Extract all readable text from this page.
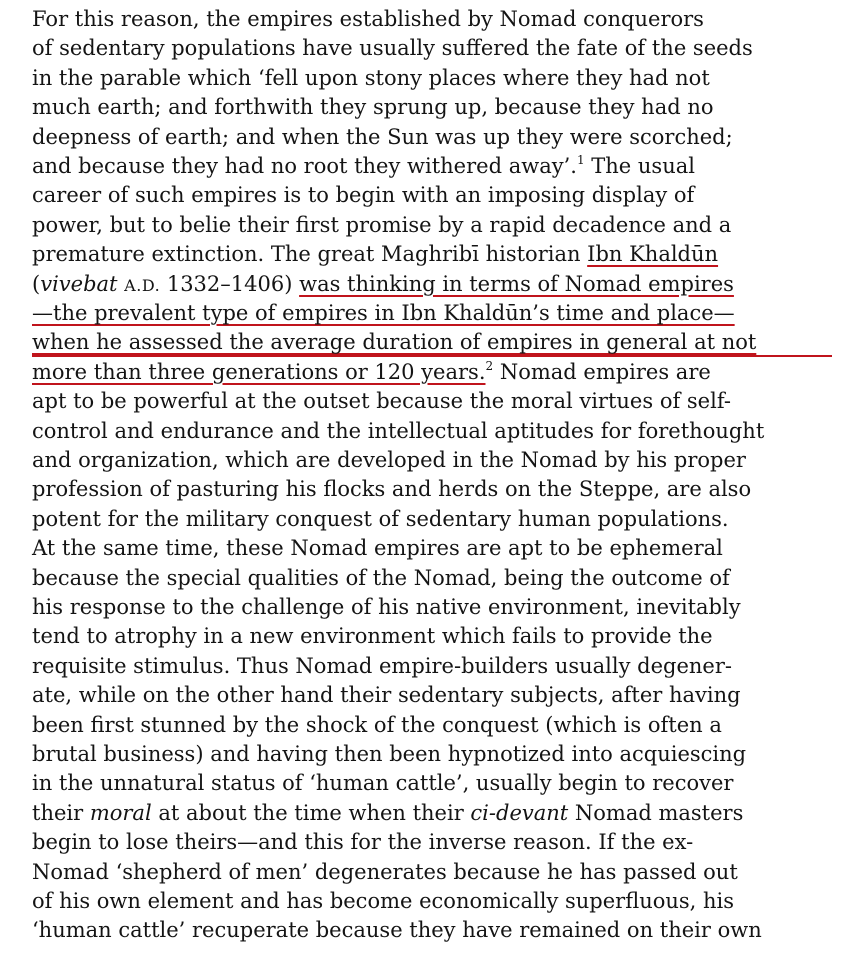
For this reason, the empires established by Nomad conquerors
of sedentary populations have usually suffered the fate of the seeds
in the parable which ‘fell upon stony places where they had not
much earth; and forthwith they sprung up, because they had no
deepness of earth; and when the Sun was up they were scorched;
and because they had no root they withered away’.$^1$ The usual
career of such empires is to begin with an imposing display of
power, but to belie their first promise by a rapid decadence and a
premature extinction. The great Maghribī historian Ibn Khaldūn
(vivebat A.D. 1332–1406) was thinking in terms of Nomad empires
—the prevalent type of empires in Ibn Khaldūn’s time and place—
when he assessed the average duration of empires in general at not
more than three generations or 120 years.$^2$ Nomad empires are
apt to be powerful at the outset because the moral virtues of self-
control and endurance and the intellectual aptitudes for forethought
and organization, which are developed in the Nomad by his proper
profession of pasturing his flocks and herds on the Steppe, are also
potent for the military conquest of sedentary human populations.
At the same time, these Nomad empires are apt to be ephemeral
because the special qualities of the Nomad, being the outcome of
his response to the challenge of his native environment, inevitably
tend to atrophy in a new environment which fails to provide the
requisite stimulus. Thus Nomad empire-builders usually degener-
ate, while on the other hand their sedentary subjects, after having
been first stunned by the shock of the conquest (which is often a
brutal business) and having then been hypnotized into acquiescing
in the unnatural status of ‘human cattle’, usually begin to recover
their moral at about the time when their ci-devant Nomad masters
begin to lose theirs—and this for the inverse reason. If the ex-
Nomad ‘shepherd of men’ degenerates because he has passed out
of his own element and has become economically superfluous, his
‘human cattle’ recuperate because they have remained on their own
